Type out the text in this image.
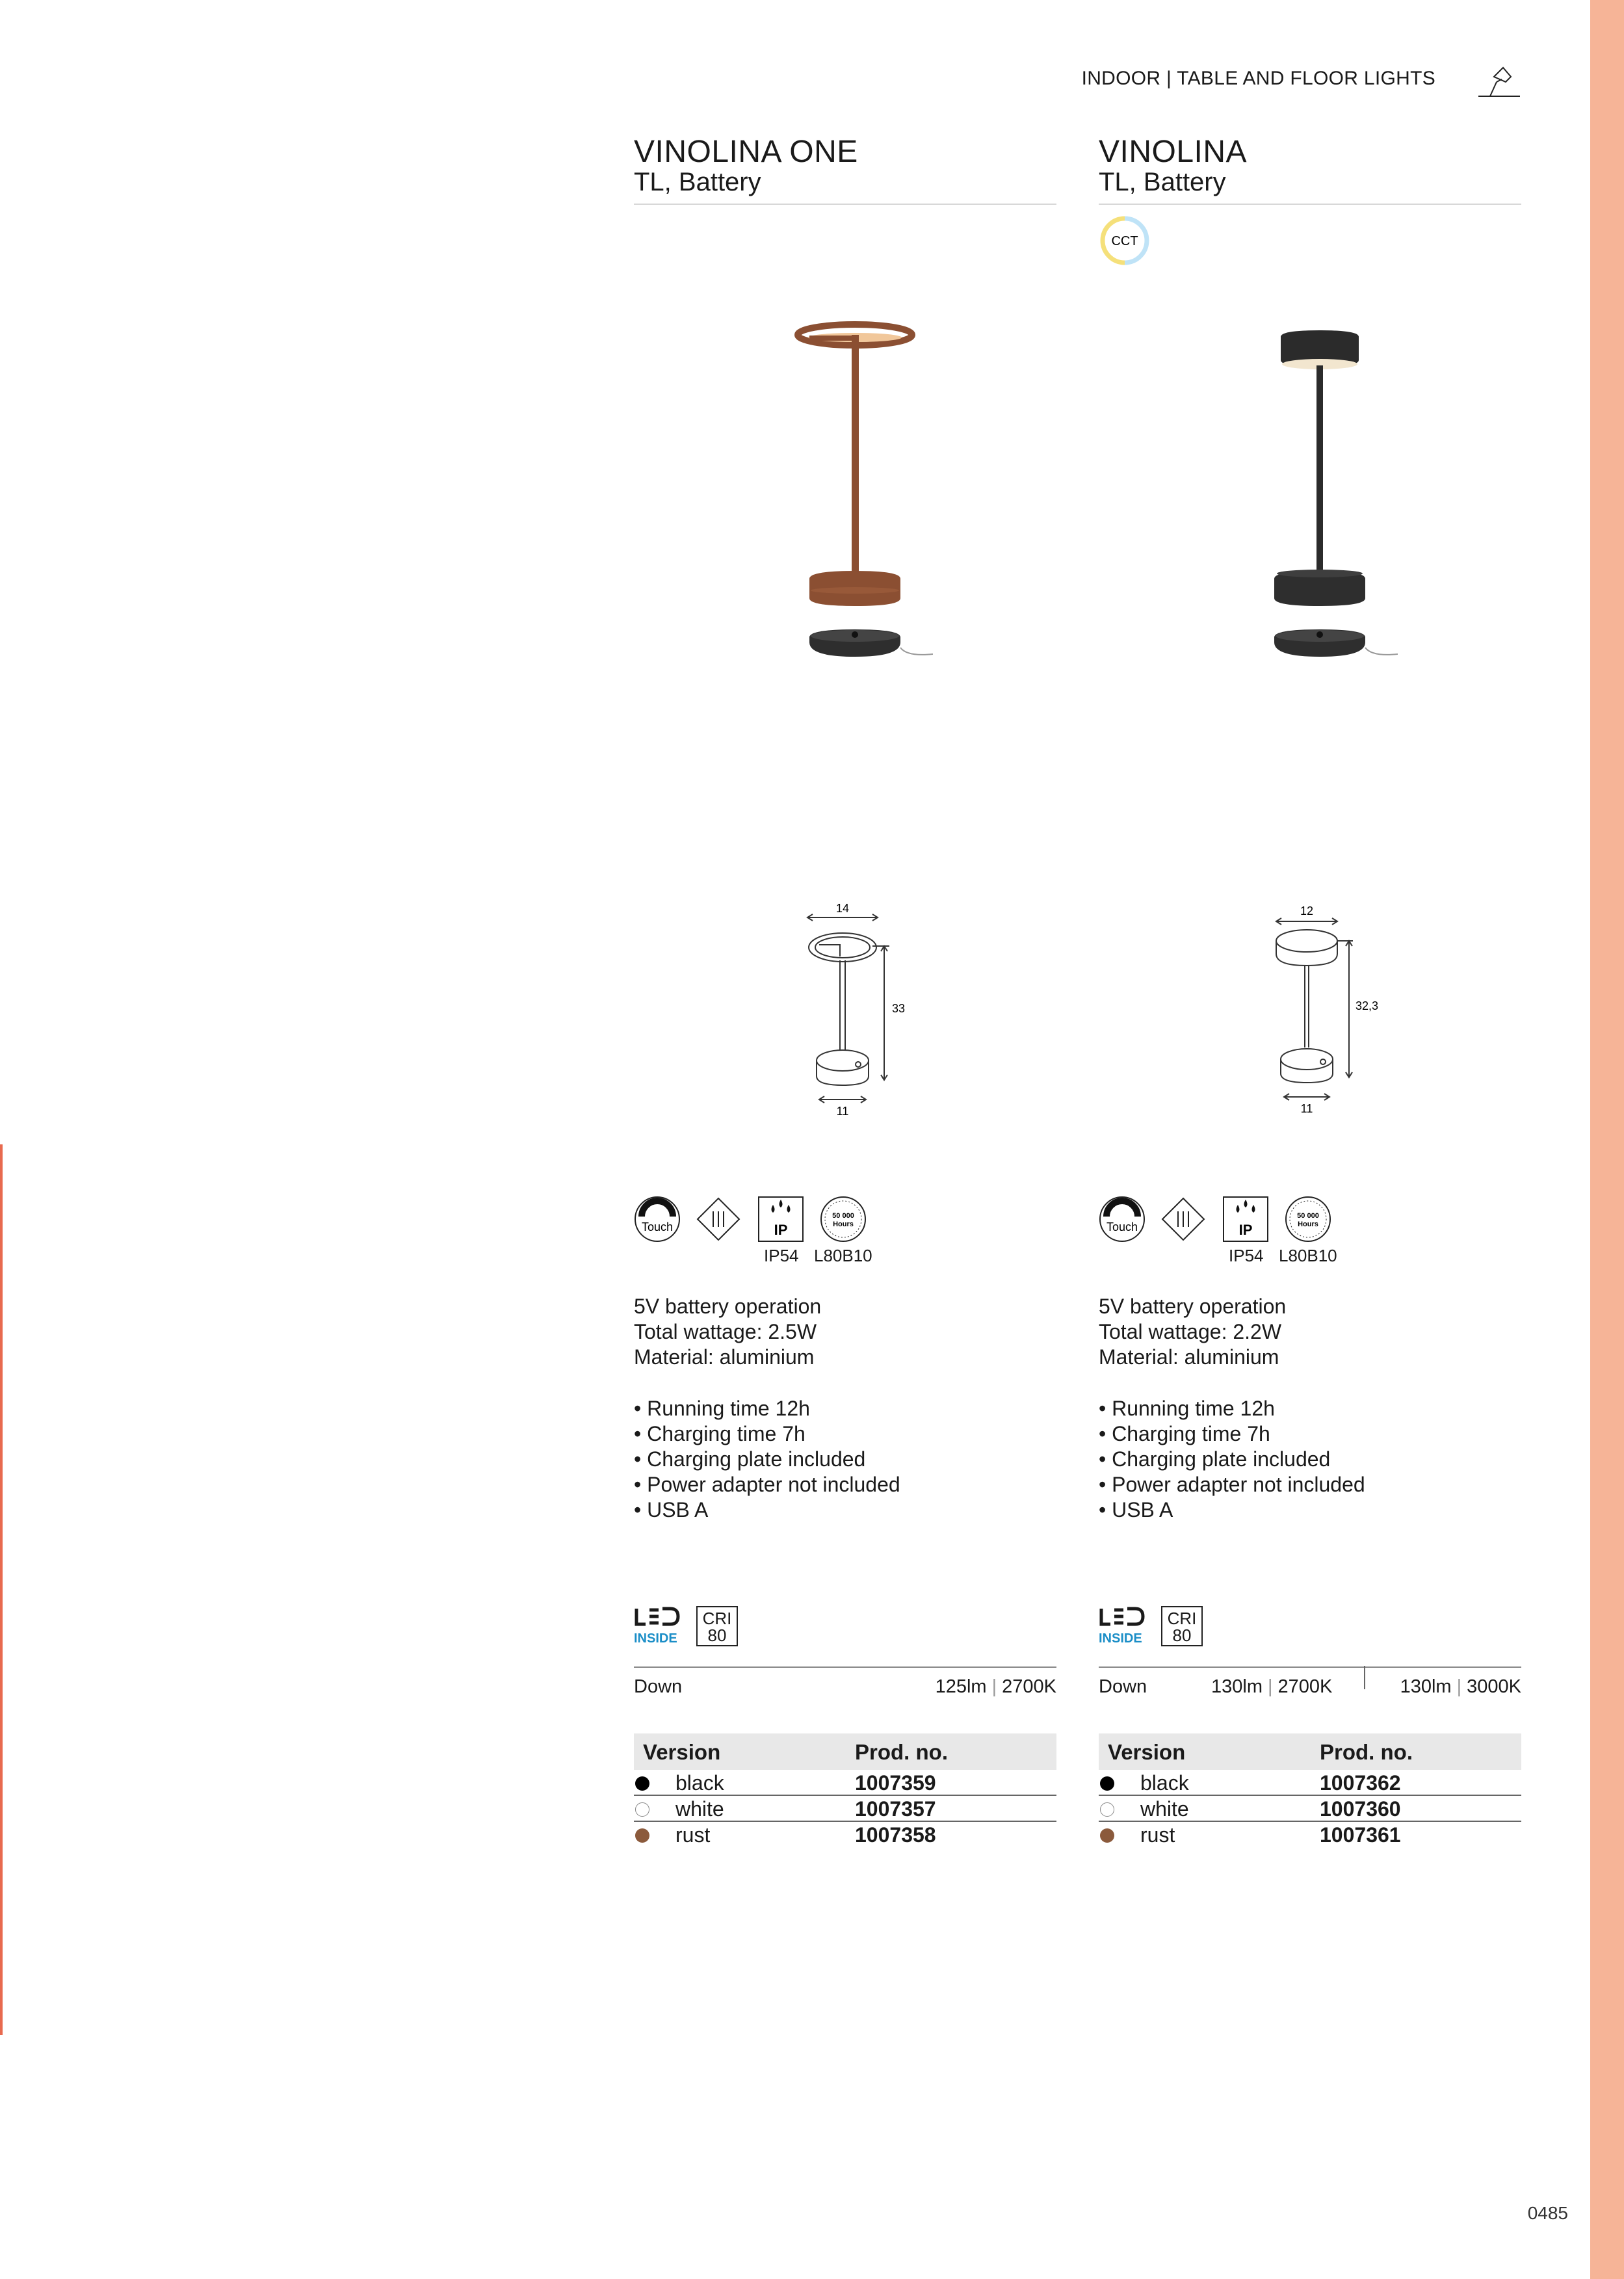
INDOOR | TABLE AND FLOOR LIGHTS
VINOLINA ONE
TL, Battery
14
33
11
Touch	IP
50 000
Hours
IP54 L80B10
5V battery operation
Total wattage: 2.5W
Material: aluminium
• Running time 12h
• Charging time 7h
• Charging plate included
• Power adapter not included
• USB A
INSIDE
CRI
80
Down	125lm | 2700K
Version	Prod. no.
black	1007359
white	1007357
rust	1007358
VINOLINA
TL, Battery
CCT
12
32,3
11
Touch	IP
50 000
Hours
IP54 L80B10
5V battery operation
Total wattage: 2.2W
Material: aluminium
• Running time 12h
• Charging time 7h
• Charging plate included
• Power adapter not included
• USB A
INSIDE
CRI
80
Down	130lm | 2700K	130lm | 3000K
Version	Prod. no.
black	1007362
white	1007360
rust	1007361
0485
